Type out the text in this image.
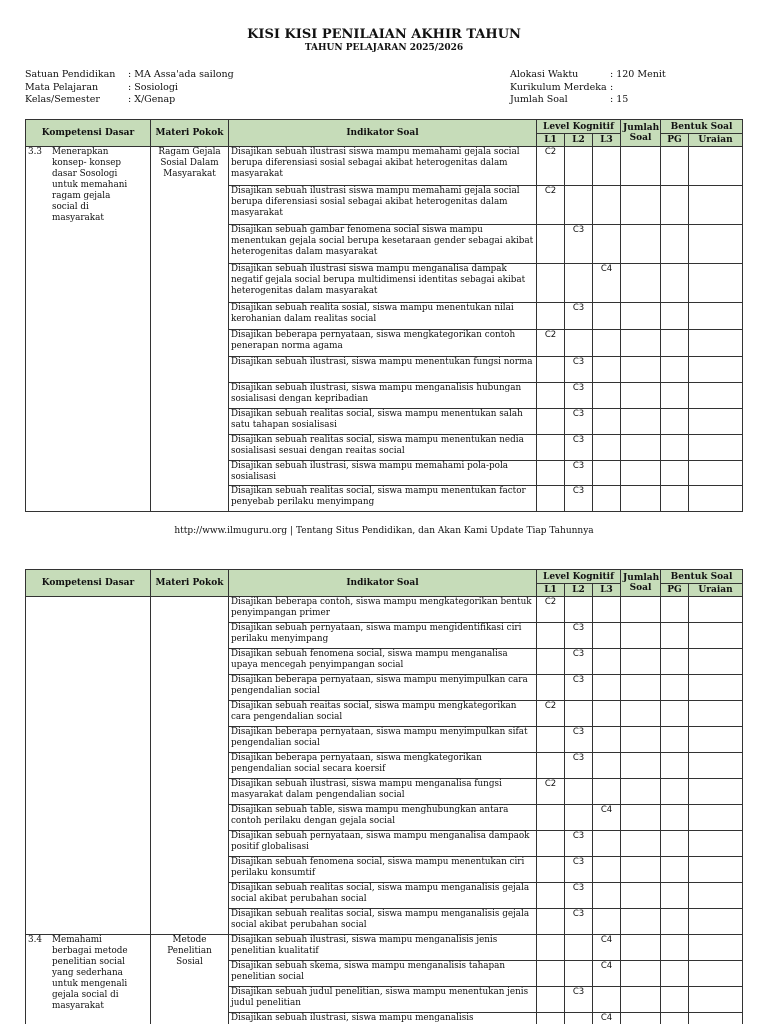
KISI KISI PENILAIAN AKHIR TAHUN
TAHUN PELAJARAN 2025/2026
Satuan Pendidikan	: MA Assa'ada sailong
Mata Pelajaran	: Sosiologi
Kelas/Semester	: X/Genap
Alokasi Waktu	: 120 Menit
Kurikulum Merdeka :
Jumlah Soal	: 15
Kompetensi Dasar	Materi Pokok	Indikator Soal	Level Kognitif			Jumlah Soal	Bentuk Soal	
			L1	L2	L3		PG	Uraian
3.3 Menerapkan konsep- konsep dasar Sosologi untuk memahani ragam gejala social di masyarakat	Ragam Gejala Sosial Dalam Masyarakat	Disajikan sebuah ilustrasi siswa mampu memahami gejala social berupa diferensiasi sosial sebagai akibat heterogenitas dalam masyarakat	C2					
		Disajikan sebuah ilustrasi siswa mampu memahami gejala social berupa diferensiasi sosial sebagai akibat heterogenitas dalam masyarakat	C2					
		Disajikan sebuah gambar fenomena social siswa mampu menentukan gejala social berupa kesetaraan gender sebagai akibat heterogenitas dalam masyarakat		C3				
		Disajikan sebuah ilustrasi siswa mampu menganalisa dampak negatif gejala social berupa multidimensi identitas sebagai akibat heterogenitas dalam masyarakat			C4			
		Disajikan sebuah realita sosial, siswa mampu menentukan nilai kerohanian dalam realitas social		C3				
		Disajikan beberapa pernyataan, siswa mengkategorikan contoh penerapan norma agama	C2					
		Disajikan sebuah ilustrasi, siswa mampu menentukan fungsi norma		C3				
		Disajikan sebuah ilustrasi, siswa mampu menganalisis hubungan sosialisasi dengan kepribadian		C3				
		Disajikan sebuah realitas social, siswa mampu menentukan salah satu tahapan sosialisasi		C3				
		Disajikan sebuah realitas social, siswa mampu menentukan nedia sosialisasi sesuai dengan reaitas social		C3				
		Disajikan sebuah ilustrasi, siswa mampu memahami pola-pola sosialisasi		C3				
		Disajikan sebuah realitas social, siswa mampu menentukan factor penyebab perilaku menyimpang		C3				
http://www.ilmuguru.org | Tentang Situs Pendidikan, dan Akan Kami Update Tiap Tahunnya
Kompetensi Dasar	Materi Pokok	Indikator Soal	Level Kognitif			Jumlah Soal	Bentuk Soal	
			L1	L2	L3		PG	Uraian
		Disajikan beberapa contoh, siswa mampu mengkategorikan bentuk penyimpangan primer	C2					
		Disajikan sebuah pernyataan, siswa mampu mengidentifikasi ciri perilaku menyimpang		C3				
		Disajikan sebuah fenomena social, siswa mampu menganalisa upaya mencegah penyimpangan social		C3				
		Disajikan beberapa pernyataan, siswa mampu menyimpulkan cara pengendalian social		C3				
		Disajikan sebuah reaitas social, siswa mampu mengkategorikan cara pengendalian social	C2					
		Disajikan beberapa pernyataan, siswa mampu menyimpulkan sifat pengendalian social		C3				
		Disajikan beberapa pernyataan, siswa mengkategorikan pengendalian social secara koersif		C3				
		Disajikan sebuah ilustrasi, siswa mampu menganalisa fungsi masyarakat dalam pengendalian social	C2					
		Disajikan sebuah table, siswa mampu menghubungkan antara contoh perilaku dengan gejala social			C4			
		Disajikan sebuah pernyataan, siswa mampu menganalisa dampaok positif globalisasi		C3				
		Disajikan sebuah fenomena social, siswa mampu menentukan ciri perilaku konsumtif		C3				
		Disajikan sebuah realitas social, siswa mampu menganalisis gejala social akibat perubahan social		C3				
		Disajikan sebuah realitas social, siswa mampu menganalisis gejala social akibat perubahan social		C3				
3.4 Memahami berbagai metode penelitian social yang sederhana untuk mengenali gejala social di masyarakat	Metode Penelitian Sosial	Disajikan sebuah ilustrasi, siswa mampu menganalisis jenis penelitian kualitatif			C4			
		Disajikan sebuah skema, siswa mampu menganalisis tahapan penelitian social			C4			
		Disajikan sebuah judul penelitian, siswa mampu menentukan jenis judul penelitian		C3				
		Disajikan sebuah ilustrasi, siswa mampu menganalisis			C4			
